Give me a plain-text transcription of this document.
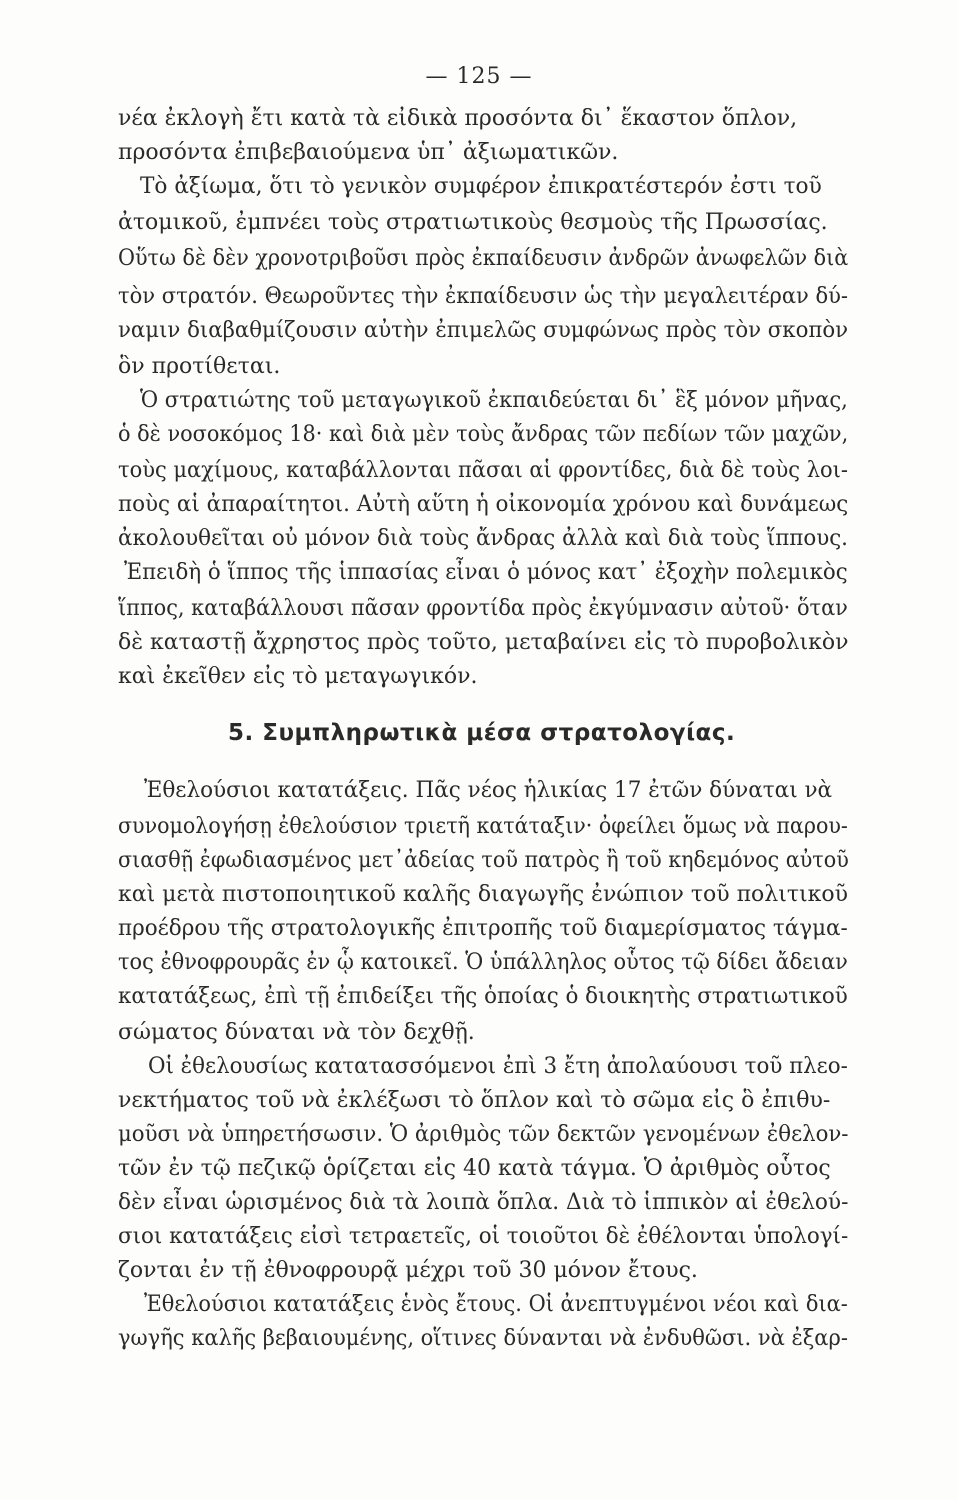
— 125 —
νέα ἐκλογὴ ἔτι κατὰ τὰ εἰδικὰ προσόντα δι᾽ ἕκαστον ὅπλον,
προσόντα ἐπιβεβαιούμενα ὑπ᾽ ἀξιωματικῶν.
Τὸ ἀξίωμα, ὅτι τὸ γενικὸν συμφέρον ἐπικρατέστερόν ἐστι τοῦ
ἀτομικοῦ, ἐμπνέει τοὺς στρατιωτικοὺς θεσμοὺς τῆς Πρωσσίας.
Οὕτω δὲ δὲν χρονοτριβοῦσι πρὸς ἐκπαίδευσιν ἀνδρῶν ἀνωφελῶν διὰ
τὸν στρατόν. Θεωροῦντες τὴν ἐκπαίδευσιν ὡς τὴν μεγαλειτέραν δύ-
ναμιν διαβαθμίζουσιν αὐτὴν ἐπιμελῶς συμφώνως πρὸς τὸν σκοπὸν
ὃν προτίθεται.
Ὁ στρατιώτης τοῦ μεταγωγικοῦ ἐκπαιδεύεται δι᾽ ἓξ μόνον μῆνας,
ὁ δὲ νοσοκόμος 18· καὶ διὰ μὲν τοὺς ἄνδρας τῶν πεδίων τῶν μαχῶν,
τοὺς μαχίμους, καταβάλλονται πᾶσαι αἱ φροντίδες, διὰ δὲ τοὺς λοι-
ποὺς αἱ ἀπαραίτητοι. Αὐτὴ αὕτη ἡ οἰκονομία χρόνου καὶ δυνάμεως
ἀκολουθεῖται οὐ μόνον διὰ τοὺς ἄνδρας ἀλλὰ καὶ διὰ τοὺς ἵππους.
Ἐπειδὴ ὁ ἵππος τῆς ἱππασίας εἶναι ὁ μόνος κατ᾽ ἐξοχὴν πολεμικὸς
ἵππος, καταβάλλουσι πᾶσαν φροντίδα πρὸς ἐκγύμνασιν αὐτοῦ· ὅταν
δὲ καταστῇ ἄχρηστος πρὸς τοῦτο, μεταβαίνει εἰς τὸ πυροβολικὸν
καὶ ἐκεῖθεν εἰς τὸ μεταγωγικόν.
5. Συμπληρωτικὰ μέσα στρατολογίας.
Ἐθελούσιοι κατατάξεις. Πᾶς νέος ἡλικίας 17 ἐτῶν δύναται νὰ
συνομολογήσῃ ἐθελούσιον τριετῆ κατάταξιν· ὀφείλει ὅμως νὰ παρου-
σιασθῇ ἐφωδιασμένος μετ᾽ἀδείας τοῦ πατρὸς ἢ τοῦ κηδεμόνος αὐτοῦ
καὶ μετὰ πιστοποιητικοῦ καλῆς διαγωγῆς ἐνώπιον τοῦ πολιτικοῦ
προέδρου τῆς στρατολογικῆς ἐπιτροπῆς τοῦ διαμερίσματος τάγμα-
τος ἐθνοφρουρᾶς ἐν ᾧ κατοικεῖ. Ὁ ὑπάλληλος οὗτος τῷ δίδει ἄδειαν
κατατάξεως, ἐπὶ τῇ ἐπιδείξει τῆς ὁποίας ὁ διοικητὴς στρατιωτικοῦ
σώματος δύναται νὰ τὸν δεχθῇ.
Οἱ ἐθελουσίως κατατασσόμενοι ἐπὶ 3 ἔτη ἀπολαύουσι τοῦ πλεο-
νεκτήματος τοῦ νὰ ἐκλέξωσι τὸ ὅπλον καὶ τὸ σῶμα εἰς ὃ ἐπιθυ-
μοῦσι νὰ ὑπηρετήσωσιν. Ὁ ἀριθμὸς τῶν δεκτῶν γενομένων ἐθελον-
τῶν ἐν τῷ πεζικῷ ὁρίζεται εἰς 40 κατὰ τάγμα. Ὁ ἀριθμὸς οὗτος
δὲν εἶναι ὡρισμένος διὰ τὰ λοιπὰ ὅπλα. Διὰ τὸ ἱππικὸν αἱ ἐθελού-
σιοι κατατάξεις εἰσὶ τετραετεῖς, οἱ τοιοῦτοι δὲ ἐθέλονται ὑπολογί-
ζονται ἐν τῇ ἐθνοφρουρᾷ μέχρι τοῦ 30 μόνον ἔτους.
Ἐθελούσιοι κατατάξεις ἑνὸς ἔτους. Οἱ ἀνεπτυγμένοι νέοι καὶ δια-
γωγῆς καλῆς βεβαιουμένης, οἵτινες δύνανται νὰ ἐνδυθῶσι. νὰ ἐξαρ-
